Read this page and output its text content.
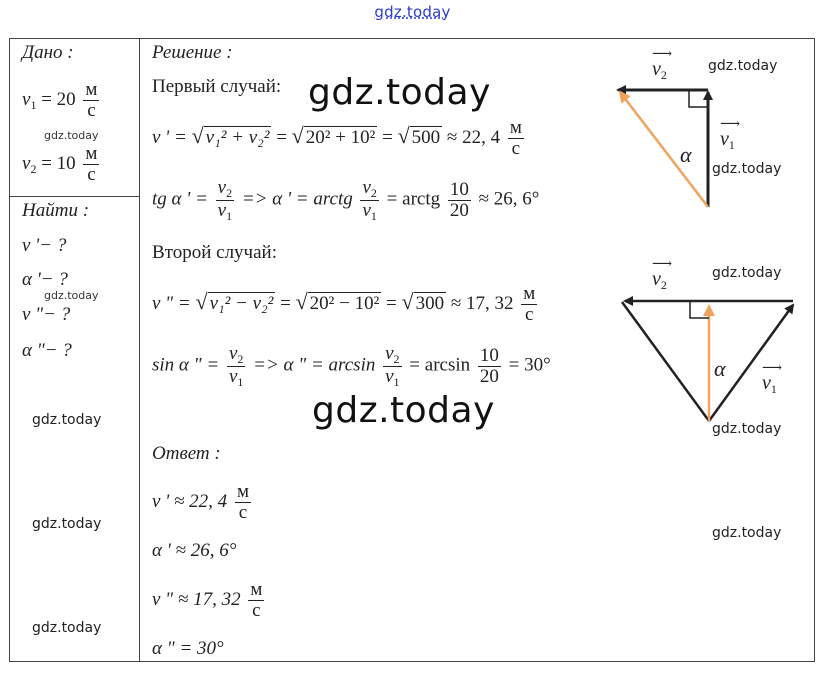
gdz.today
Дано :
$v_1 = 20 \frac{м}{с}$
gdz.today
$v_2 = 10 \frac{м}{с}$
Найти :
v '− ?
α '− ?
gdz.today
v "− ?
α "− ?
gdz.today
gdz.today
gdz.today
Решение :
Первый случай: gdz.today
v ' = √ v₁² + v₂² = √ 20² + 10² = √ 500 ≈ 22, $4 \frac{м}{с}$
tg α ' = $\frac{v_2}{v_1} => \alpha$ ' = arctg $\frac{v_2}{v_1}$ = arctg $\frac{10}{20} \approx 26$, 6°
Второй случай:
v " = √ v₁² − v₂² = √ 20² − 10² = √ 300 ≈ 17, $32 \frac{м}{с}$
sin α " = $\frac{v_2}{v_1} => \alpha$ " = $\arcsin \frac{v_2}{v_1} = \arcsin \frac{10}{20} = 30^\circ$
gdz.today
Ответ :
v ' ≈ 22, $4 \frac{м}{с}$
α ' ≈ 26, 6°
v " ≈ 17, $32 \frac{м}{с}$
α " = 30°
gdz.today
gdz.today
gdz.today
gdz.today
gdz.today
⟶
$v_2$
⟶
$v_1$
α
⟶
$v_2$
⟶
$v_1$
α
